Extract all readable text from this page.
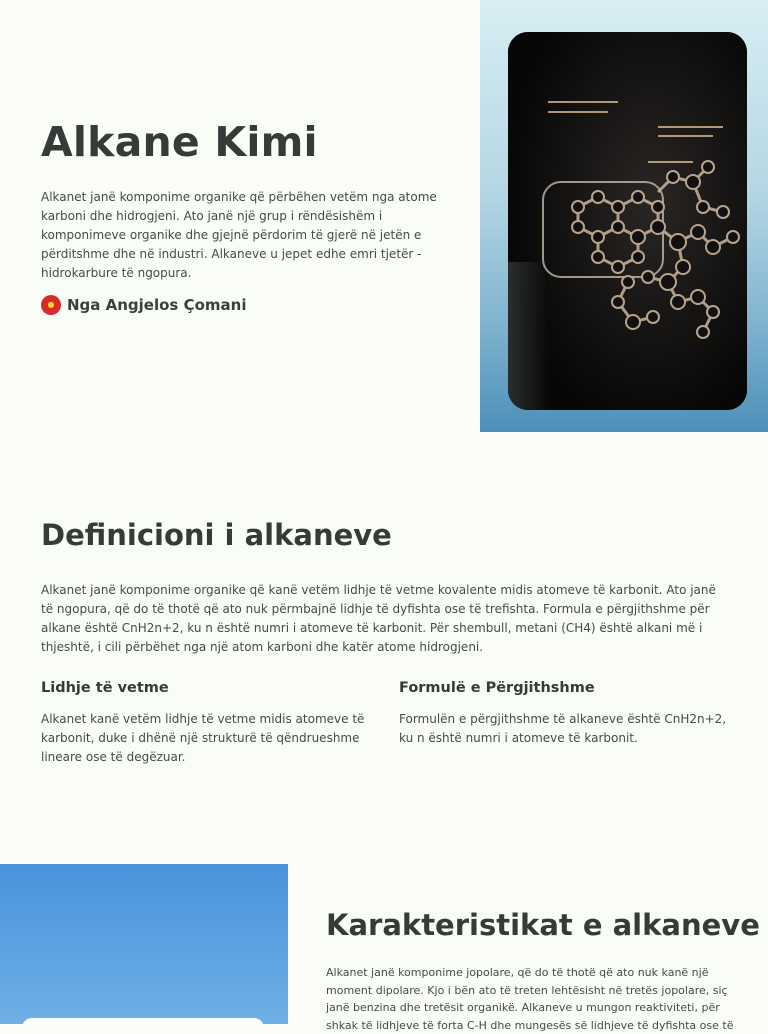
Alkane Kimi

Alkanet janë komponime organike që përbëhen vetëm nga atome karboni dhe hidrogjeni. Ato janë një grup i rëndësishëm i komponimeve organike dhe gjejnë përdorim të gjerë në jetën e përditshme dhe në industri. Alkaneve u jepet edhe emri tjetër - hidrokarbure të ngopura.

● Nga Angjelos Çomani
Definicioni i alkaneve

Alkanet janë komponime organike që kanë vetëm lidhje të vetme kovalente midis atomeve të karbonit. Ato janë të ngopura, që do të thotë që ato nuk përmbajnë lidhje të dyfishta ose të trefishta. Formula e përgjithshme për alkane është CnH2n+2, ku n është numri i atomeve të karbonit. Për shembull, metani (CH4) është alkani më i thjeshtë, i cili përbëhet nga një atom karboni dhe katër atome hidrogjeni.

Lidhje të vetme

Alkanet kanë vetëm lidhje të vetme midis atomeve të karbonit, duke i dhënë një strukturë të qëndrueshme lineare ose të degëzuar.

Formulë e Përgjithshme

Formulën e përgjithshme të alkaneve është CnH2n+2, ku n është numri i atomeve të karbonit.

Karakteristikat e alkaneve

Alkanet janë komponime jopolare, që do të thotë që ato nuk kanë një moment dipolare. Kjo i bën ato të treten lehtësisht në tretës jopolare, siç janë benzina dhe tretësit organikë. Alkaneve u mungon reaktiviteti, për shkak të lidhjeve të forta C-H dhe mungesës së lidhjeve të dyfishta ose të
